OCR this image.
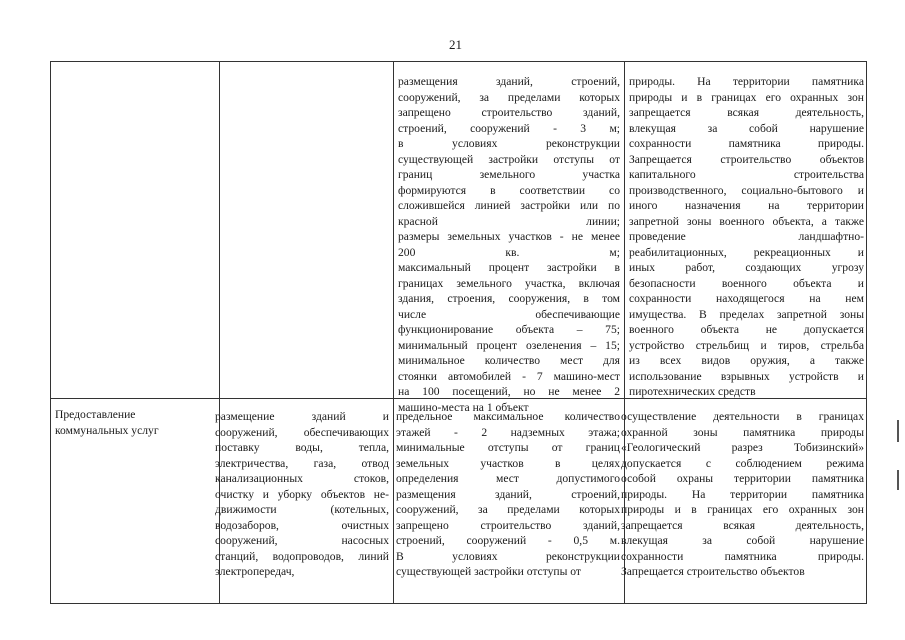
21
размещения зданий, строений,
сооружений, за пределами которых
запрещено строительство зданий,
строений, сооружений - 3 м;
в условиях реконструкции
существующей застройки отступы от
границ земельного участка
формируются в соответствии со
сложившейся линией застройки или по
красной линии;
размеры земельных участков - не менее
200 кв. м;
максимальный процент застройки в
границах земельного участка, включая
здания, строения, сооружения, в том
числе обеспечивающие
функционирование объекта – 75;
минимальный процент озеленения – 15;
минимальное количество мест для
стоянки автомобилей - 7 машино-мест
на 100 посещений, но не менее 2
машино-места на 1 объект
природы. На территории памятника
природы и в границах его охранных зон
запрещается всякая деятельность,
влекущая за собой нарушение
сохранности памятника природы.
Запрещается строительство объектов
капитального строительства
производственного, социально-бытового и
иного назначения на территории
запретной зоны военного объекта, а также
проведение ландшафтно-
реабилитационных, рекреационных и
иных работ, создающих угрозу
безопасности военного объекта и
сохранности находящегося на нем
имущества. В пределах запретной зоны
военного объекта не допускается
устройство стрельбищ и тиров, стрельба
из всех видов оружия, а также
использование взрывных устройств и
пиротехнических средств
Предоставление
коммунальных услуг
размещение зданий и
сооружений, обеспечивающих
поставку воды, тепла,
электричества, газа, отвод
канализационных стоков,
очистку и уборку объектов не-
движимости (котельных,
водозаборов, очистных
сооружений, насосных
станций, водопроводов, линий
электропередач,
предельное максимальное количество
этажей - 2 надземных этажа;
минимальные отступы от границ
земельных участков в целях
определения мест допустимого
размещения зданий, строений,
сооружений, за пределами которых
запрещено строительство зданий,
строений, сооружений - 0,5 м.
В условиях реконструкции
существующей застройки отступы от
осуществление деятельности в границах
охранной зоны памятника природы
«Геологический разрез Тобизинский»
допускается с соблюдением режима
особой охраны территории памятника
природы. На территории памятника
природы и в границах его охранных зон
запрещается всякая деятельность,
влекущая за собой нарушение
сохранности памятника природы.
Запрещается строительство объектов
